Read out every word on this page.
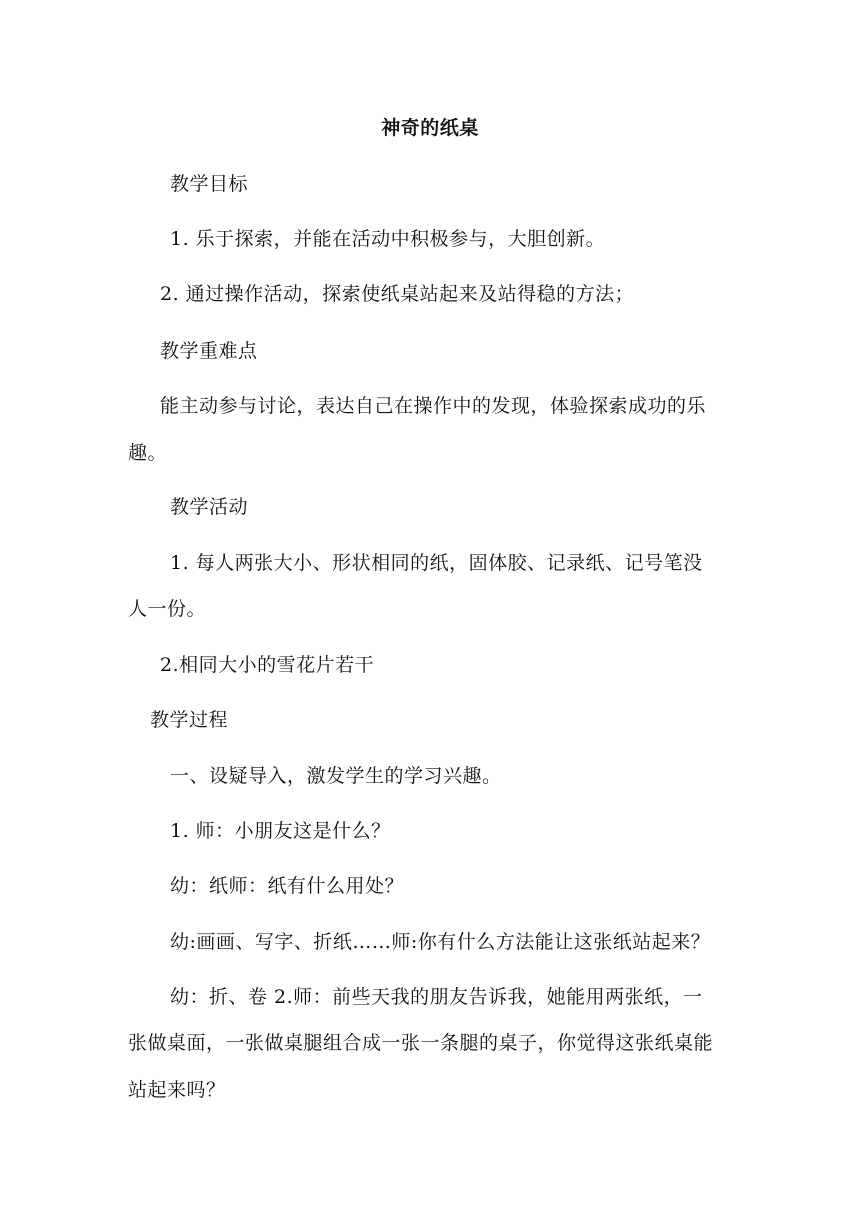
神奇的纸桌
教学目标
1. 乐于探索，并能在活动中积极参与，大胆创新。
2. 通过操作活动，探索使纸桌站起来及站得稳的方法；
教学重难点
能主动参与讨论，表达自己在操作中的发现，体验探索成功的乐
趣。
教学活动
1. 每人两张大小、形状相同的纸，固体胶、记录纸、记号笔没
人一份。
2.相同大小的雪花片若干
教学过程
一、设疑导入，激发学生的学习兴趣。
1. 师：小朋友这是什么？
幼：纸师：纸有什么用处？
幼:画画、写字、折纸……师:你有什么方法能让这张纸站起来？
幼：折、卷 2.师：前些天我的朋友告诉我，她能用两张纸，一
张做桌面，一张做桌腿组合成一张一条腿的桌子，你觉得这张纸桌能
站起来吗？
